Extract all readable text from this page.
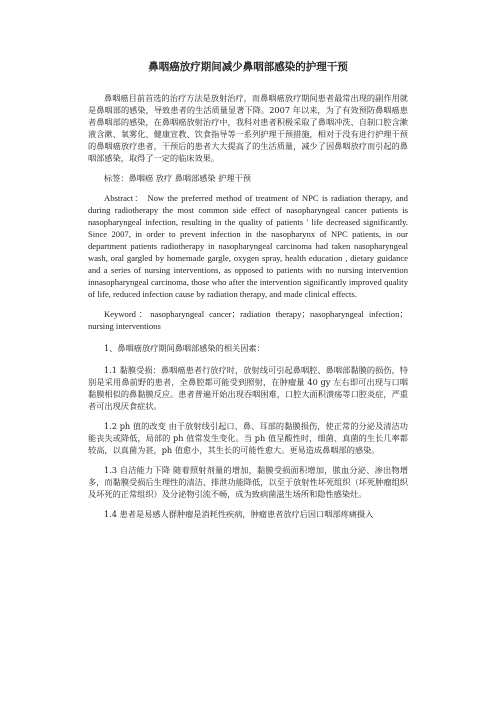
鼻咽癌放疗期间减少鼻咽部感染的护理干预

鼻咽癌目前首选的治疗方法是放射治疗，而鼻咽癌放疗期间患者最常出现的副作用就是鼻咽部的感染，导致患者的生活质量显著下降。2007 年以来，为了有效预防鼻咽癌患者鼻咽部的感染，在鼻咽癌放射治疗中，我科对患者积极采取了鼻咽冲洗、自制口腔含漱液含漱、氧雾化、健康宣教、饮食指导等一系列护理干预措施，相对于没有进行护理干预的鼻咽癌放疗患者，干预后的患者大大提高了的生活质量，减少了因鼻咽放疗而引起的鼻咽部感染，取得了一定的临床效果。

标签：鼻咽癌 放疗 鼻咽部感染 护理干预

Abstract： Now the preferred method of treatment of NPC is radiation therapy, and during radiotherapy the most common side effect of nasopharyngeal cancer patients is nasopharyngeal infection, resulting in the quality of patients ' life decreased significantly. Since 2007, in order to prevent infection in the nasopharynx of NPC patients, in our department patients radiotherapy in nasopharyngeal carcinoma had taken nasopharyngeal wash, oral gargled by homemade gargle, oxygen spray, health education , dietary guidance and a series of nursing interventions, as opposed to patients with no nursing intervention innasopharyngeal carcinoma, those who after the intervention significantly improved quality of life, reduced infection cause by radiation therapy, and made clinical effects.

Keyword：nasopharyngeal cancer；radiation therapy；nasopharyngeal infection；nursing interventions

1、鼻咽癌放疗期间鼻咽部感染的相关因素：

1.1 黏膜受损：鼻咽癌患者行放疗时，放射线可引起鼻咽腔、鼻咽部黏膜的损伤，特别是采用鼻前野的患者，全鼻腔都可能受到照射，在肿瘤量 40 gy 左右即可出现与口咽黏膜相似的鼻黏膜反应。患者普遍开始出现吞咽困难，口腔大面积溃疡等口腔炎症，严重者可出现厌食症状。

1.2 ph 值的改变 由于放射线引起口、鼻、耳部的黏膜损伤，使正常的分泌及清洁功能丧失或降低，局部的 ph 值常发生变化。当 ph 值呈酸性时，细菌、真菌的生长几率都较高，以真菌为甚，ph 值愈小，其生长的可能性愈大。更易造成鼻咽部的感染。

1.3 自洁能力下降 随着照射剂量的增加，黏膜受损面积增加，脓血分泌、渗出物增多，而黏膜受损后生理性的清洁、排泄功能降低，以至于放射性坏死组织（坏死肿瘤组织及坏死的正常组织）及分泌物引流不畅，成为致病菌滋生场所和隐性感染灶。

1.4 患者是易感人群肿瘤是消耗性疾病，肿瘤患者放疗后因口咽部疼痛摄入
